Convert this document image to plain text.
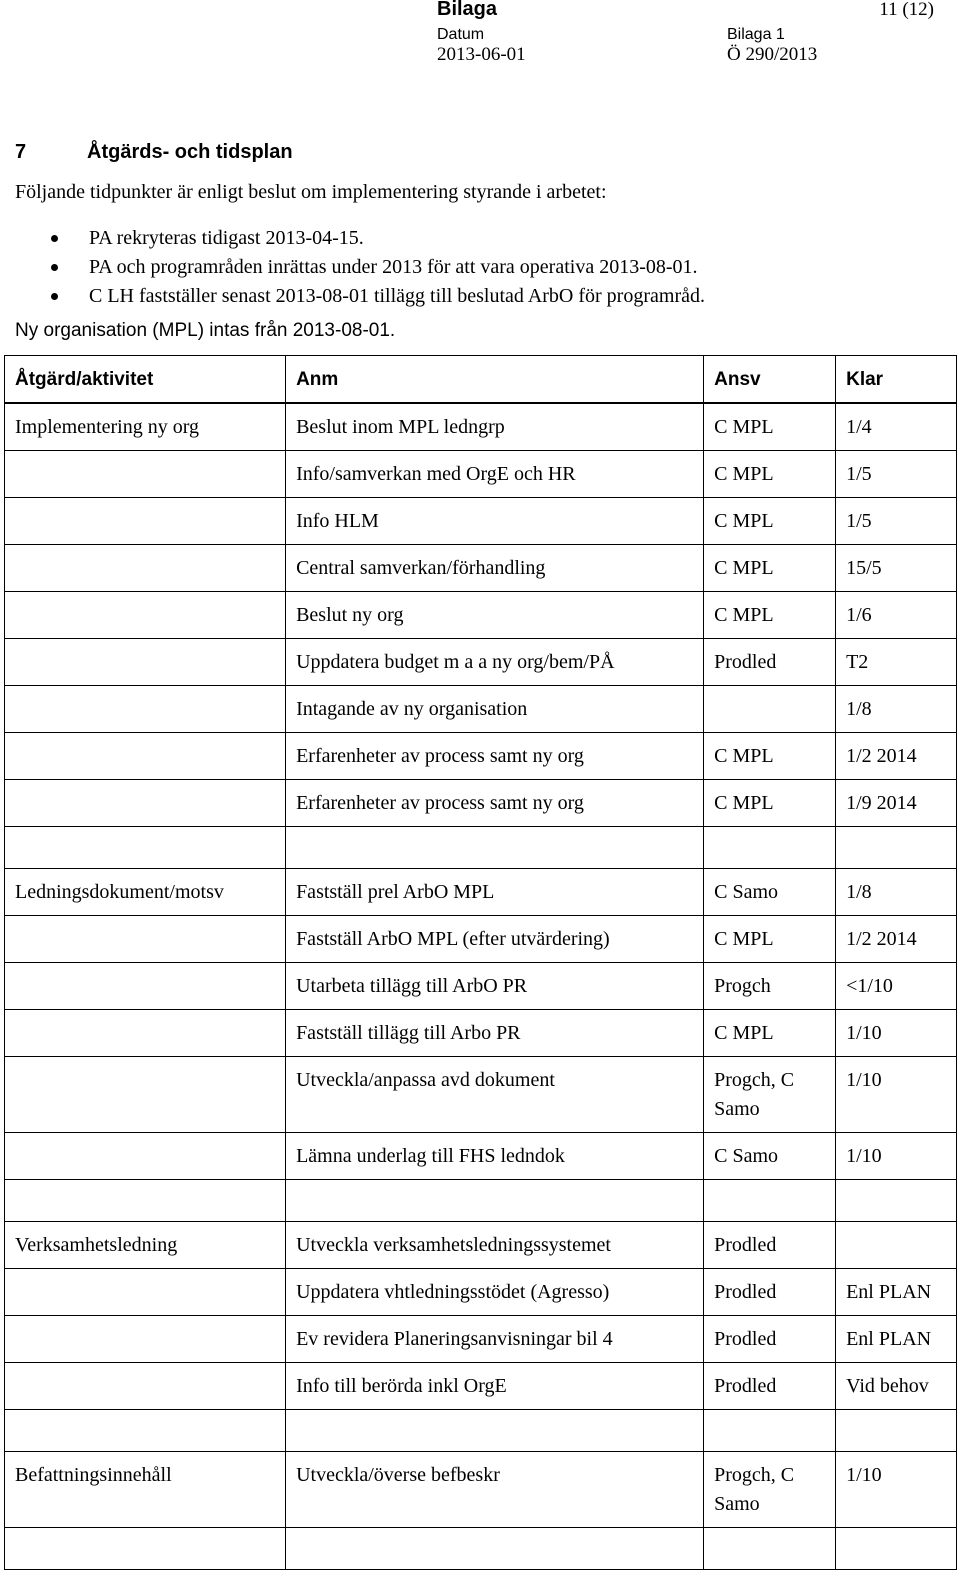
Bilaga	11 (12)
Datum	Bilaga 1
2013-06-01	Ö 290/2013
7	Åtgärds- och tidsplan
Följande tidpunkter är enligt beslut om implementering styrande i arbetet:
PA rekryteras tidigast 2013-04-15.
PA och programråden inrättas under 2013 för att vara operativa 2013-08-01.
C LH fastställer senast 2013-08-01 tillägg till beslutad ArbO för programråd.
Ny organisation (MPL) intas från 2013-08-01.
Åtgärd/aktivitet	Anm	Ansv	Klar
Implementering ny org	Beslut inom MPL ledngrp	C MPL	1/4
	Info/samverkan med OrgE och HR	C MPL	1/5
	Info HLM	C MPL	1/5
	Central samverkan/förhandling	C MPL	15/5
	Beslut ny org	C MPL	1/6
	Uppdatera budget m a a ny org/bem/PÅ	Prodled	T2
	Intagande av ny organisation		1/8
	Erfarenheter av process samt ny org	C MPL	1/2 2014
	Erfarenheter av process samt ny org	C MPL	1/9 2014

Ledningsdokument/motsv	Fastställ prel ArbO MPL	C Samo	1/8
	Fastställ ArbO MPL (efter utvärdering)	C MPL	1/2 2014
	Utarbeta tillägg till ArbO PR	Progch	<1/10
	Fastställ tillägg till Arbo PR	C MPL	1/10
	Utveckla/anpassa avd dokument	Progch, C Samo	1/10
	Lämna underlag till FHS ledndok	C Samo	1/10

Verksamhetsledning	Utveckla verksamhetsledningssystemet	Prodled	
	Uppdatera vhtledningsstödet (Agresso)	Prodled	Enl PLAN
	Ev revidera Planeringsanvisningar bil 4	Prodled	Enl PLAN
	Info till berörda inkl OrgE	Prodled	Vid behov

Befattningsinnehåll	Utveckla/överse befbeskr	Progch, C Samo	1/10
